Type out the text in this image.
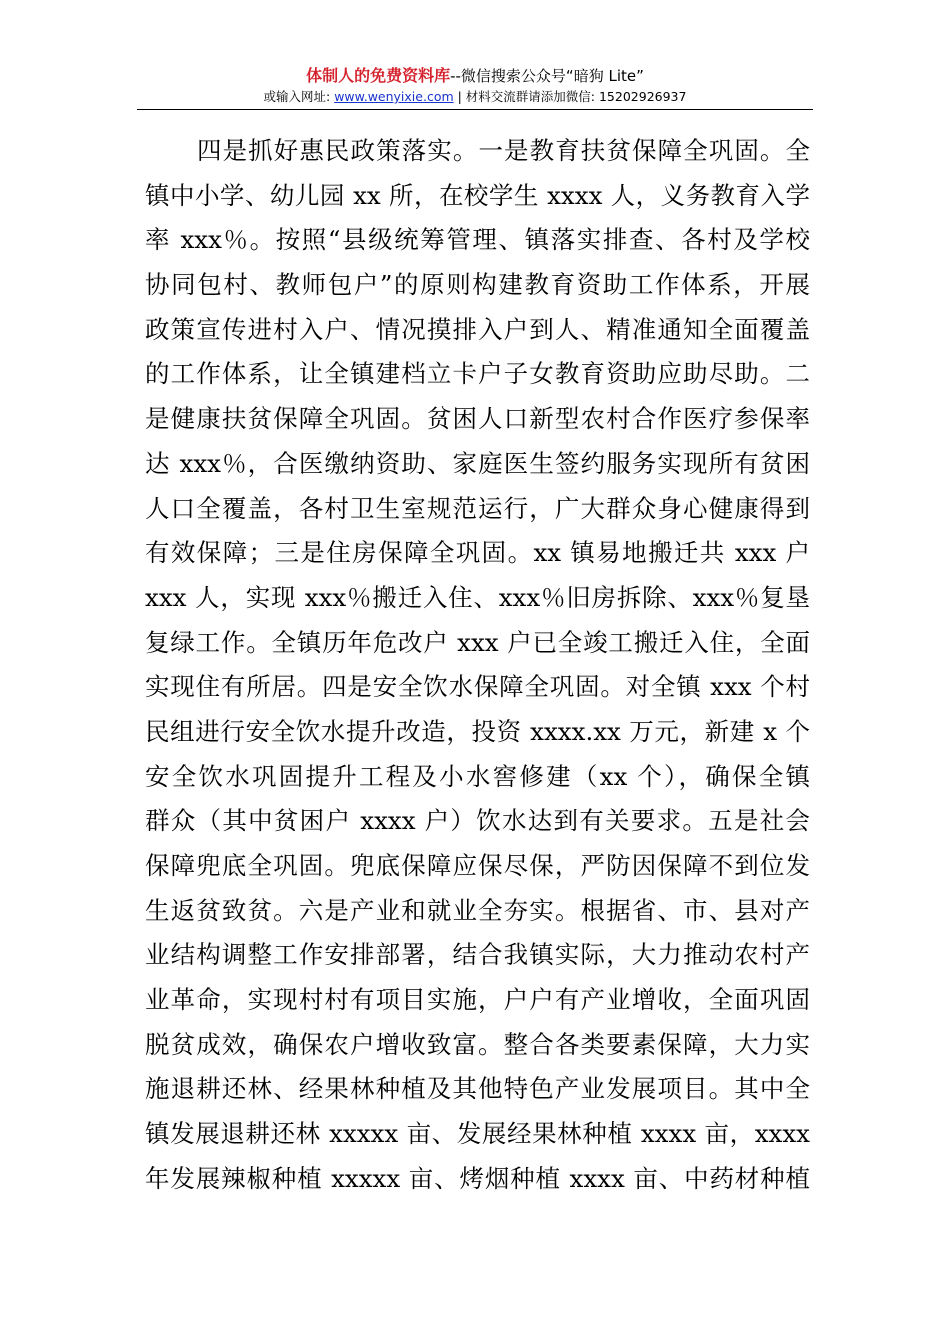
体制人的免费资料库--微信搜索公众号“暗狗 Lite”
或输入网址: www.wenyixie.com | 材料交流群请添加微信: 15202926937
四是抓好惠民政策落实。一是教育扶贫保障全巩固。全
镇中小学、幼儿园 xx 所，在校学生 xxxx 人，义务教育入学
率 xxx％。按照“县级统筹管理、镇落实排查、各村及学校
协同包村、教师包户”的原则构建教育资助工作体系，开展
政策宣传进村入户、情况摸排入户到人、精准通知全面覆盖
的工作体系，让全镇建档立卡户子女教育资助应助尽助。二
是健康扶贫保障全巩固。贫困人口新型农村合作医疗参保率
达 xxx％，合医缴纳资助、家庭医生签约服务实现所有贫困
人口全覆盖，各村卫生室规范运行，广大群众身心健康得到
有效保障；三是住房保障全巩固。xx 镇易地搬迁共 xxx 户
xxx 人，实现 xxx％搬迁入住、xxx％旧房拆除、xxx％复垦
复绿工作。全镇历年危改户 xxx 户已全竣工搬迁入住，全面
实现住有所居。四是安全饮水保障全巩固。对全镇 xxx 个村
民组进行安全饮水提升改造，投资 xxxx.xx 万元，新建 x 个
安全饮水巩固提升工程及小水窖修建（xx 个），确保全镇
群众（其中贫困户 xxxx 户）饮水达到有关要求。五是社会
保障兜底全巩固。兜底保障应保尽保，严防因保障不到位发
生返贫致贫。六是产业和就业全夯实。根据省、市、县对产
业结构调整工作安排部署，结合我镇实际，大力推动农村产
业革命，实现村村有项目实施，户户有产业增收，全面巩固
脱贫成效，确保农户增收致富。整合各类要素保障，大力实
施退耕还林、经果林种植及其他特色产业发展项目。其中全
镇发展退耕还林 xxxxx 亩、发展经果林种植 xxxx 亩，xxxx
年发展辣椒种植 xxxxx 亩、烤烟种植 xxxx 亩、中药材种植
